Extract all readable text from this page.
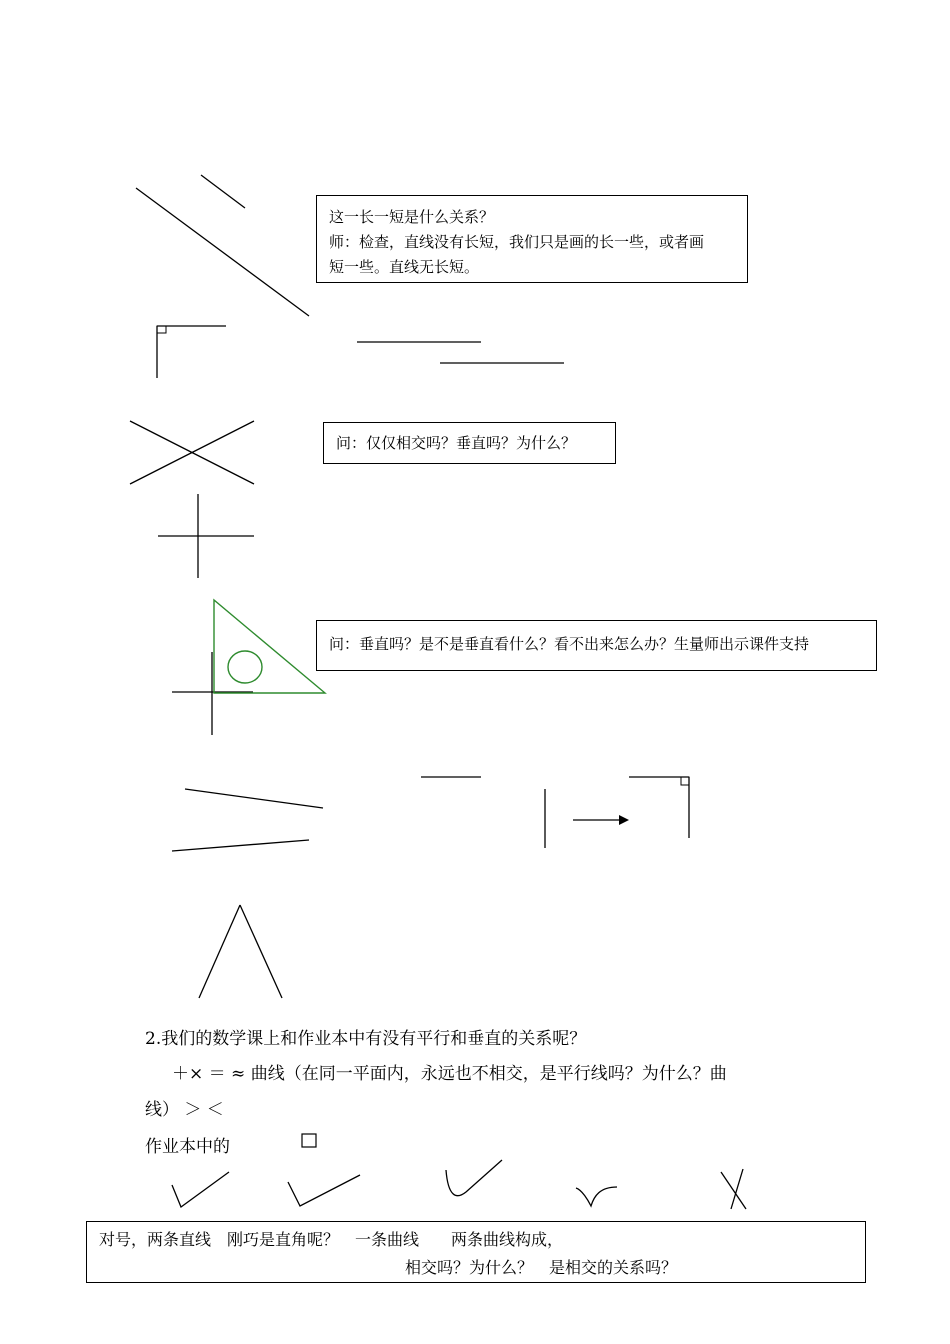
这一长一短是什么关系？
师：检查，直线没有长短，我们只是画的长一些，或者画
短一些。直线无长短。
问：仅仅相交吗？垂直吗？为什么？
问：垂直吗？是不是垂直看什么？看不出来怎么办？生量师出示课件支持
2.我们的数学课上和作业本中有没有平行和垂直的关系呢？
＋× ＝ ≈ 曲线（在同一平面内，永远也不相交，是平行线吗？为什么？曲
线） ＞ ＜
作业本中的
对号，两条直线　刚巧是直角呢？　一条曲线　　两条曲线构成，
相交吗？为什么？　是相交的关系吗？
